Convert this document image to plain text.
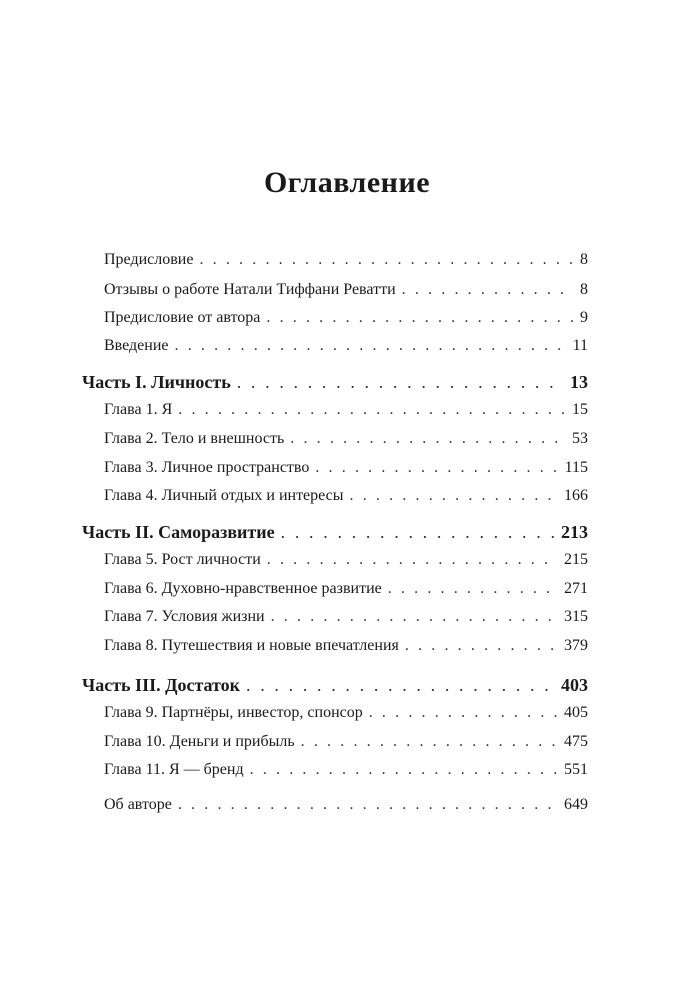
Оглавление
Предисловие . . .	8
Отзывы о работе Натали Тиффани Реватти . . .	8
Предисловие от автора . . .	9
Введение . . .	11
Часть I. Личность . . .	13
Глава 1. Я . . .	15
Глава 2. Тело и внешность . . .	53
Глава 3. Личное пространство . . .	115
Глава 4. Личный отдых и интересы . . .	166
Часть II. Саморазвитие . . .	213
Глава 5. Рост личности . . .	215
Глава 6. Духовно-нравственное развитие . . .	271
Глава 7. Условия жизни . . .	315
Глава 8. Путешествия и новые впечатления . . .	379
Часть III. Достаток . . .	403
Глава 9. Партнёры, инвестор, спонсор . . .	405
Глава 10. Деньги и прибыль . . .	475
Глава 11. Я — бренд . . .	551
Об авторе . . .	649
